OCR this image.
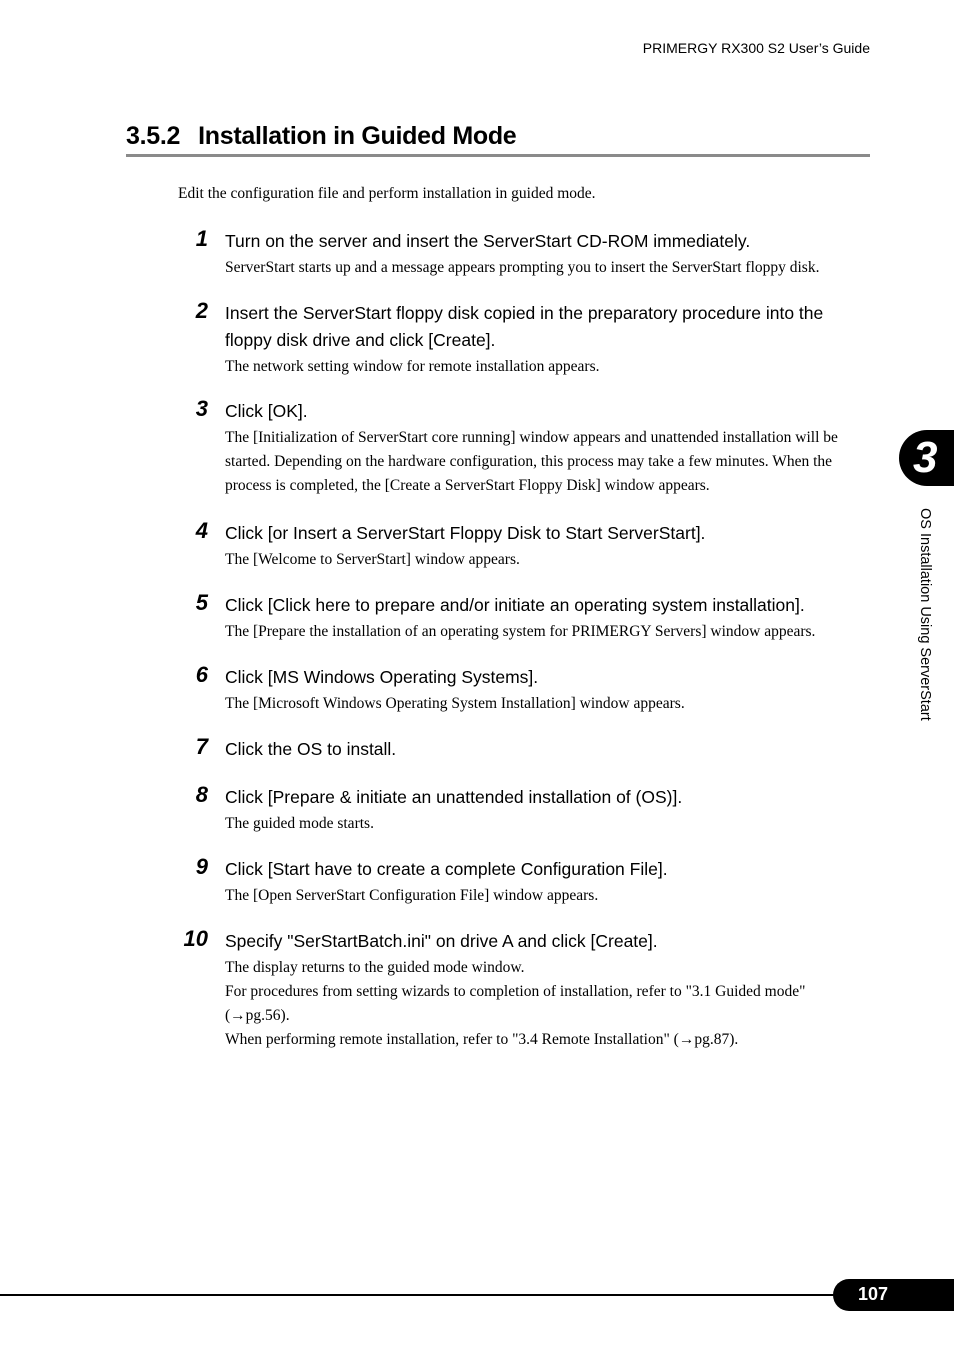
PRIMERGY RX300 S2 User’s Guide
3.5.2 Installation in Guided Mode
Edit the configuration file and perform installation in guided mode.
1 Turn on the server and insert the ServerStart CD-ROM immediately.

ServerStart starts up and a message appears prompting you to insert the ServerStart floppy disk.

2 Insert the ServerStart floppy disk copied in the preparatory procedure into the floppy disk drive and click [Create].

The network setting window for remote installation appears.

3 Click [OK].

The [Initialization of ServerStart core running] window appears and unattended installation will be started. Depending on the hardware configuration, this process may take a few minutes. When the process is completed, the [Create a ServerStart Floppy Disk] window appears.

4 Click [or Insert a ServerStart Floppy Disk to Start ServerStart].

The [Welcome to ServerStart] window appears.

5 Click [Click here to prepare and/or initiate an operating system installation].

The [Prepare the installation of an operating system for PRIMERGY Servers] window appears.

6 Click [MS Windows Operating Systems].

The [Microsoft Windows Operating System Installation] window appears.

7 Click the OS to install.
8 Click [Prepare & initiate an unattended installation of (OS)].

The guided mode starts.

9 Click [Start have to create a complete Configuration File].

The [Open ServerStart Configuration File] window appears.

10 Specify "SerStartBatch.ini" on drive A and click [Create].

The display returns to the guided mode window.

For procedures from setting wizards to completion of installation, refer to "3.1 Guided mode" (→pg.56).

When performing remote installation, refer to "3.4 Remote Installation" (→pg.87).

3
OS Installation Using ServerStart
107
